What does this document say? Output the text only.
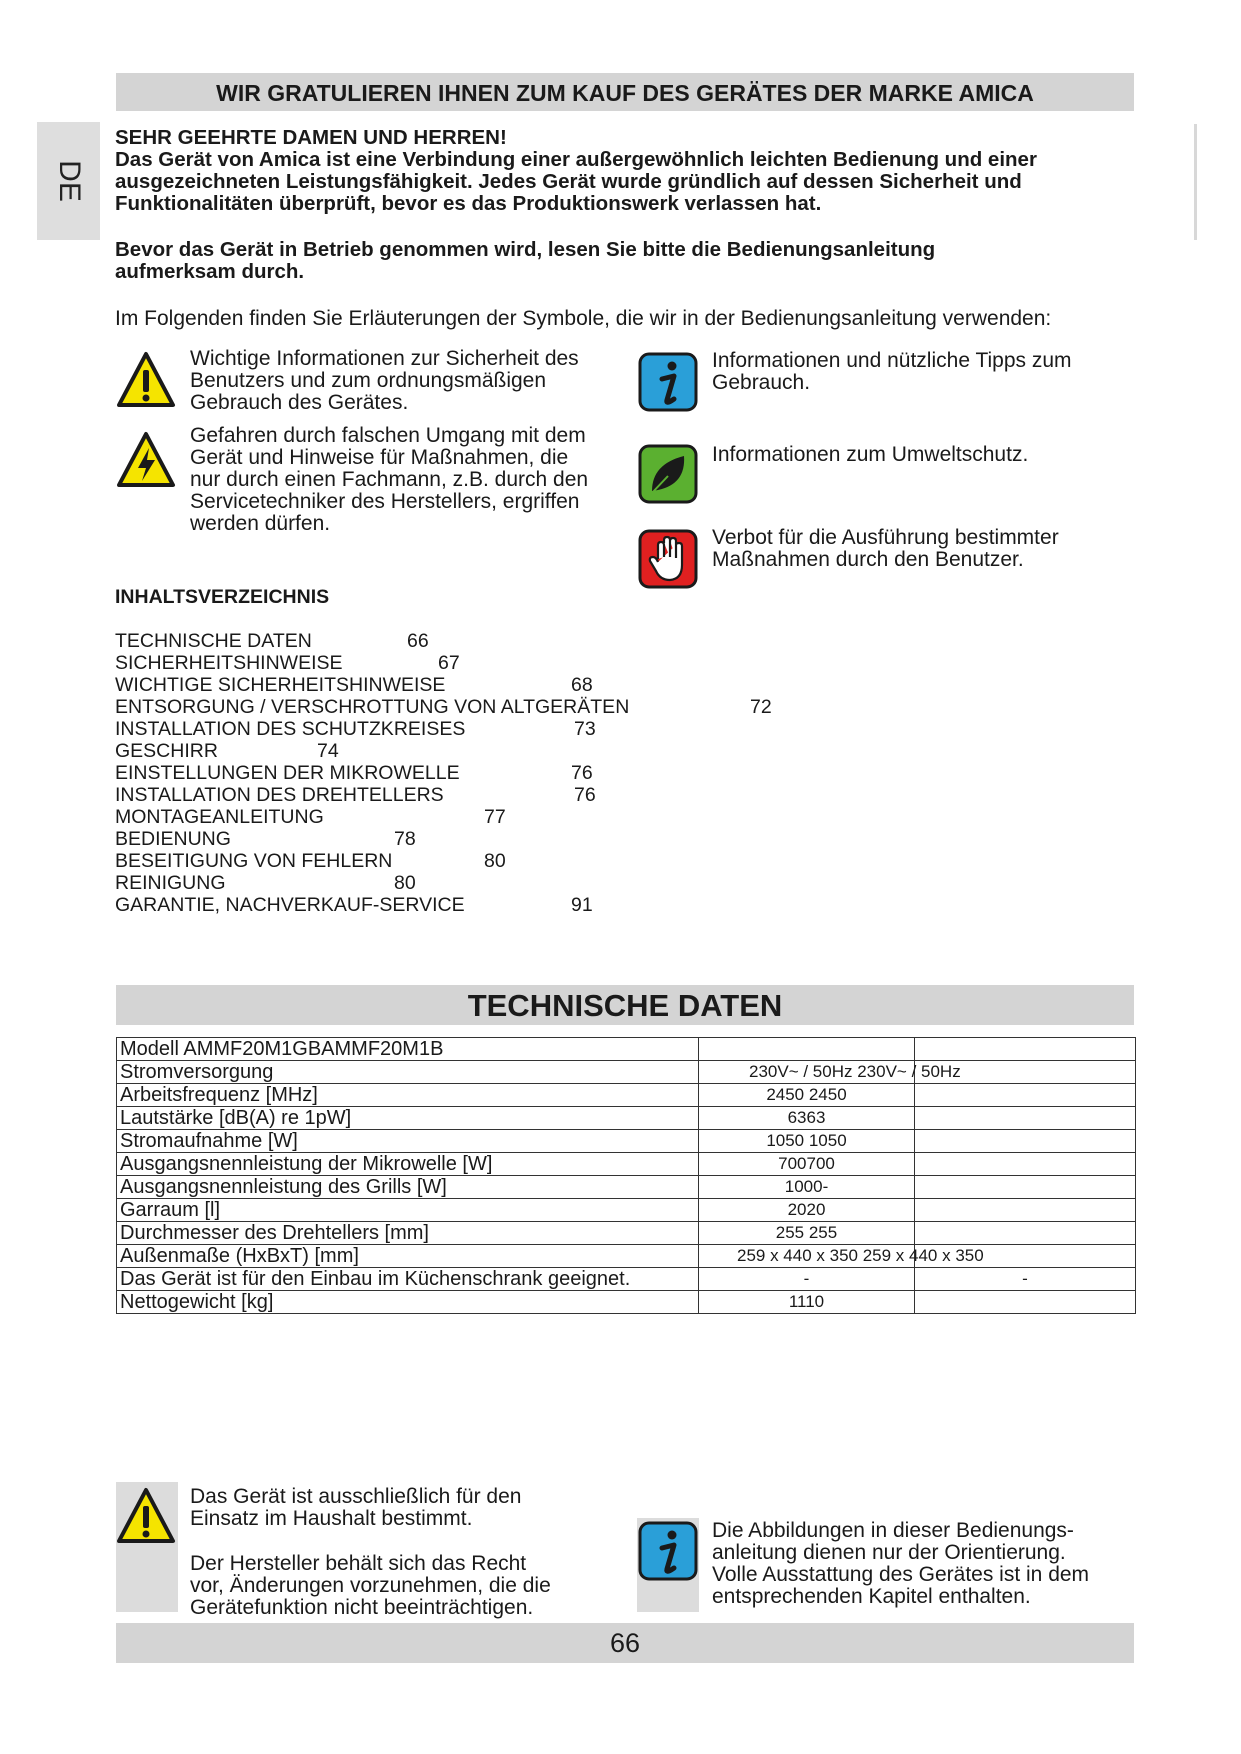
WIR GRATULIEREN IHNEN ZUM KAUF DES GERÄTES DER MARKE AMICA
DE
SEHR GEEHRTE DAMEN UND HERREN!
Das Gerät von Amica ist eine Verbindung einer außergewöhnlich leichten Bedienung und einer
ausgezeichneten Leistungsfähigkeit. Jedes Gerät wurde gründlich auf dessen Sicherheit und
Funktionalitäten überprüft, bevor es das Produktionswerk verlassen hat.
Bevor das Gerät in Betrieb genommen wird, lesen Sie bitte die Bedienungsanleitung
aufmerksam durch.
Im Folgenden finden Sie Erläuterungen der Symbole, die wir in der Bedienungsanleitung verwenden:
Wichtige Informationen zur Sicherheit des
Benutzers und zum ordnungsmäßigen
Gebrauch des Gerätes.
Gefahren durch falschen Umgang mit dem
Gerät und Hinweise für Maßnahmen, die
nur durch einen Fachmann, z.B. durch den
Servicetechniker des Herstellers, ergriffen
werden dürfen.
Informationen und nützliche Tipps zum
Gebrauch.
Informationen zum Umweltschutz.
Verbot für die Ausführung bestimmter
Maßnahmen durch den Benutzer.
INHALTSVERZEICHNIS
TECHNISCHE DATEN	66
SICHERHEITSHINWEISE	67
WICHTIGE SICHERHEITSHINWEISE	68
ENTSORGUNG / VERSCHROTTUNG VON ALTGERÄTEN	72
INSTALLATION DES SCHUTZKREISES	73
GESCHIRR	74
EINSTELLUNGEN DER MIKROWELLE	76
INSTALLATION DES DREHTELLERS	76
MONTAGEANLEITUNG	77
BEDIENUNG	78
BESEITIGUNG VON FEHLERN	80
REINIGUNG	80
GARANTIE, NACHVERKAUF-SERVICE	91
TECHNISCHE DATEN
Modell AMMF20M1GBAMMF20M1B		
Stromversorgung	230V~ / 50Hz 230V~ / 50Hz	
Arbeitsfrequenz [MHz]	2450 2450	
Lautstärke [dB(A) re 1pW]	6363	
Stromaufnahme [W]	1050 1050	
Ausgangsnennleistung der Mikrowelle [W]	700700	
Ausgangsnennleistung des Grills [W]	1000-	
Garraum [l]	2020	
Durchmesser des Drehtellers [mm]	255 255	
Außenmaße (HxBxT) [mm]	259 x 440 x 350 259 x 440 x 350	
Das Gerät ist für den Einbau im Küchenschrank geeignet.	-	-
Nettogewicht [kg]	1110	
Das Gerät ist ausschließlich für den
Einsatz im Haushalt bestimmt.
Der Hersteller behält sich das Recht
vor, Änderungen vorzunehmen, die die
Gerätefunktion nicht beeinträchtigen.
Die Abbildungen in dieser Bedienungs-
anleitung dienen nur der Orientierung.
Volle Ausstattung des Gerätes ist in dem
entsprechenden Kapitel enthalten.
66
